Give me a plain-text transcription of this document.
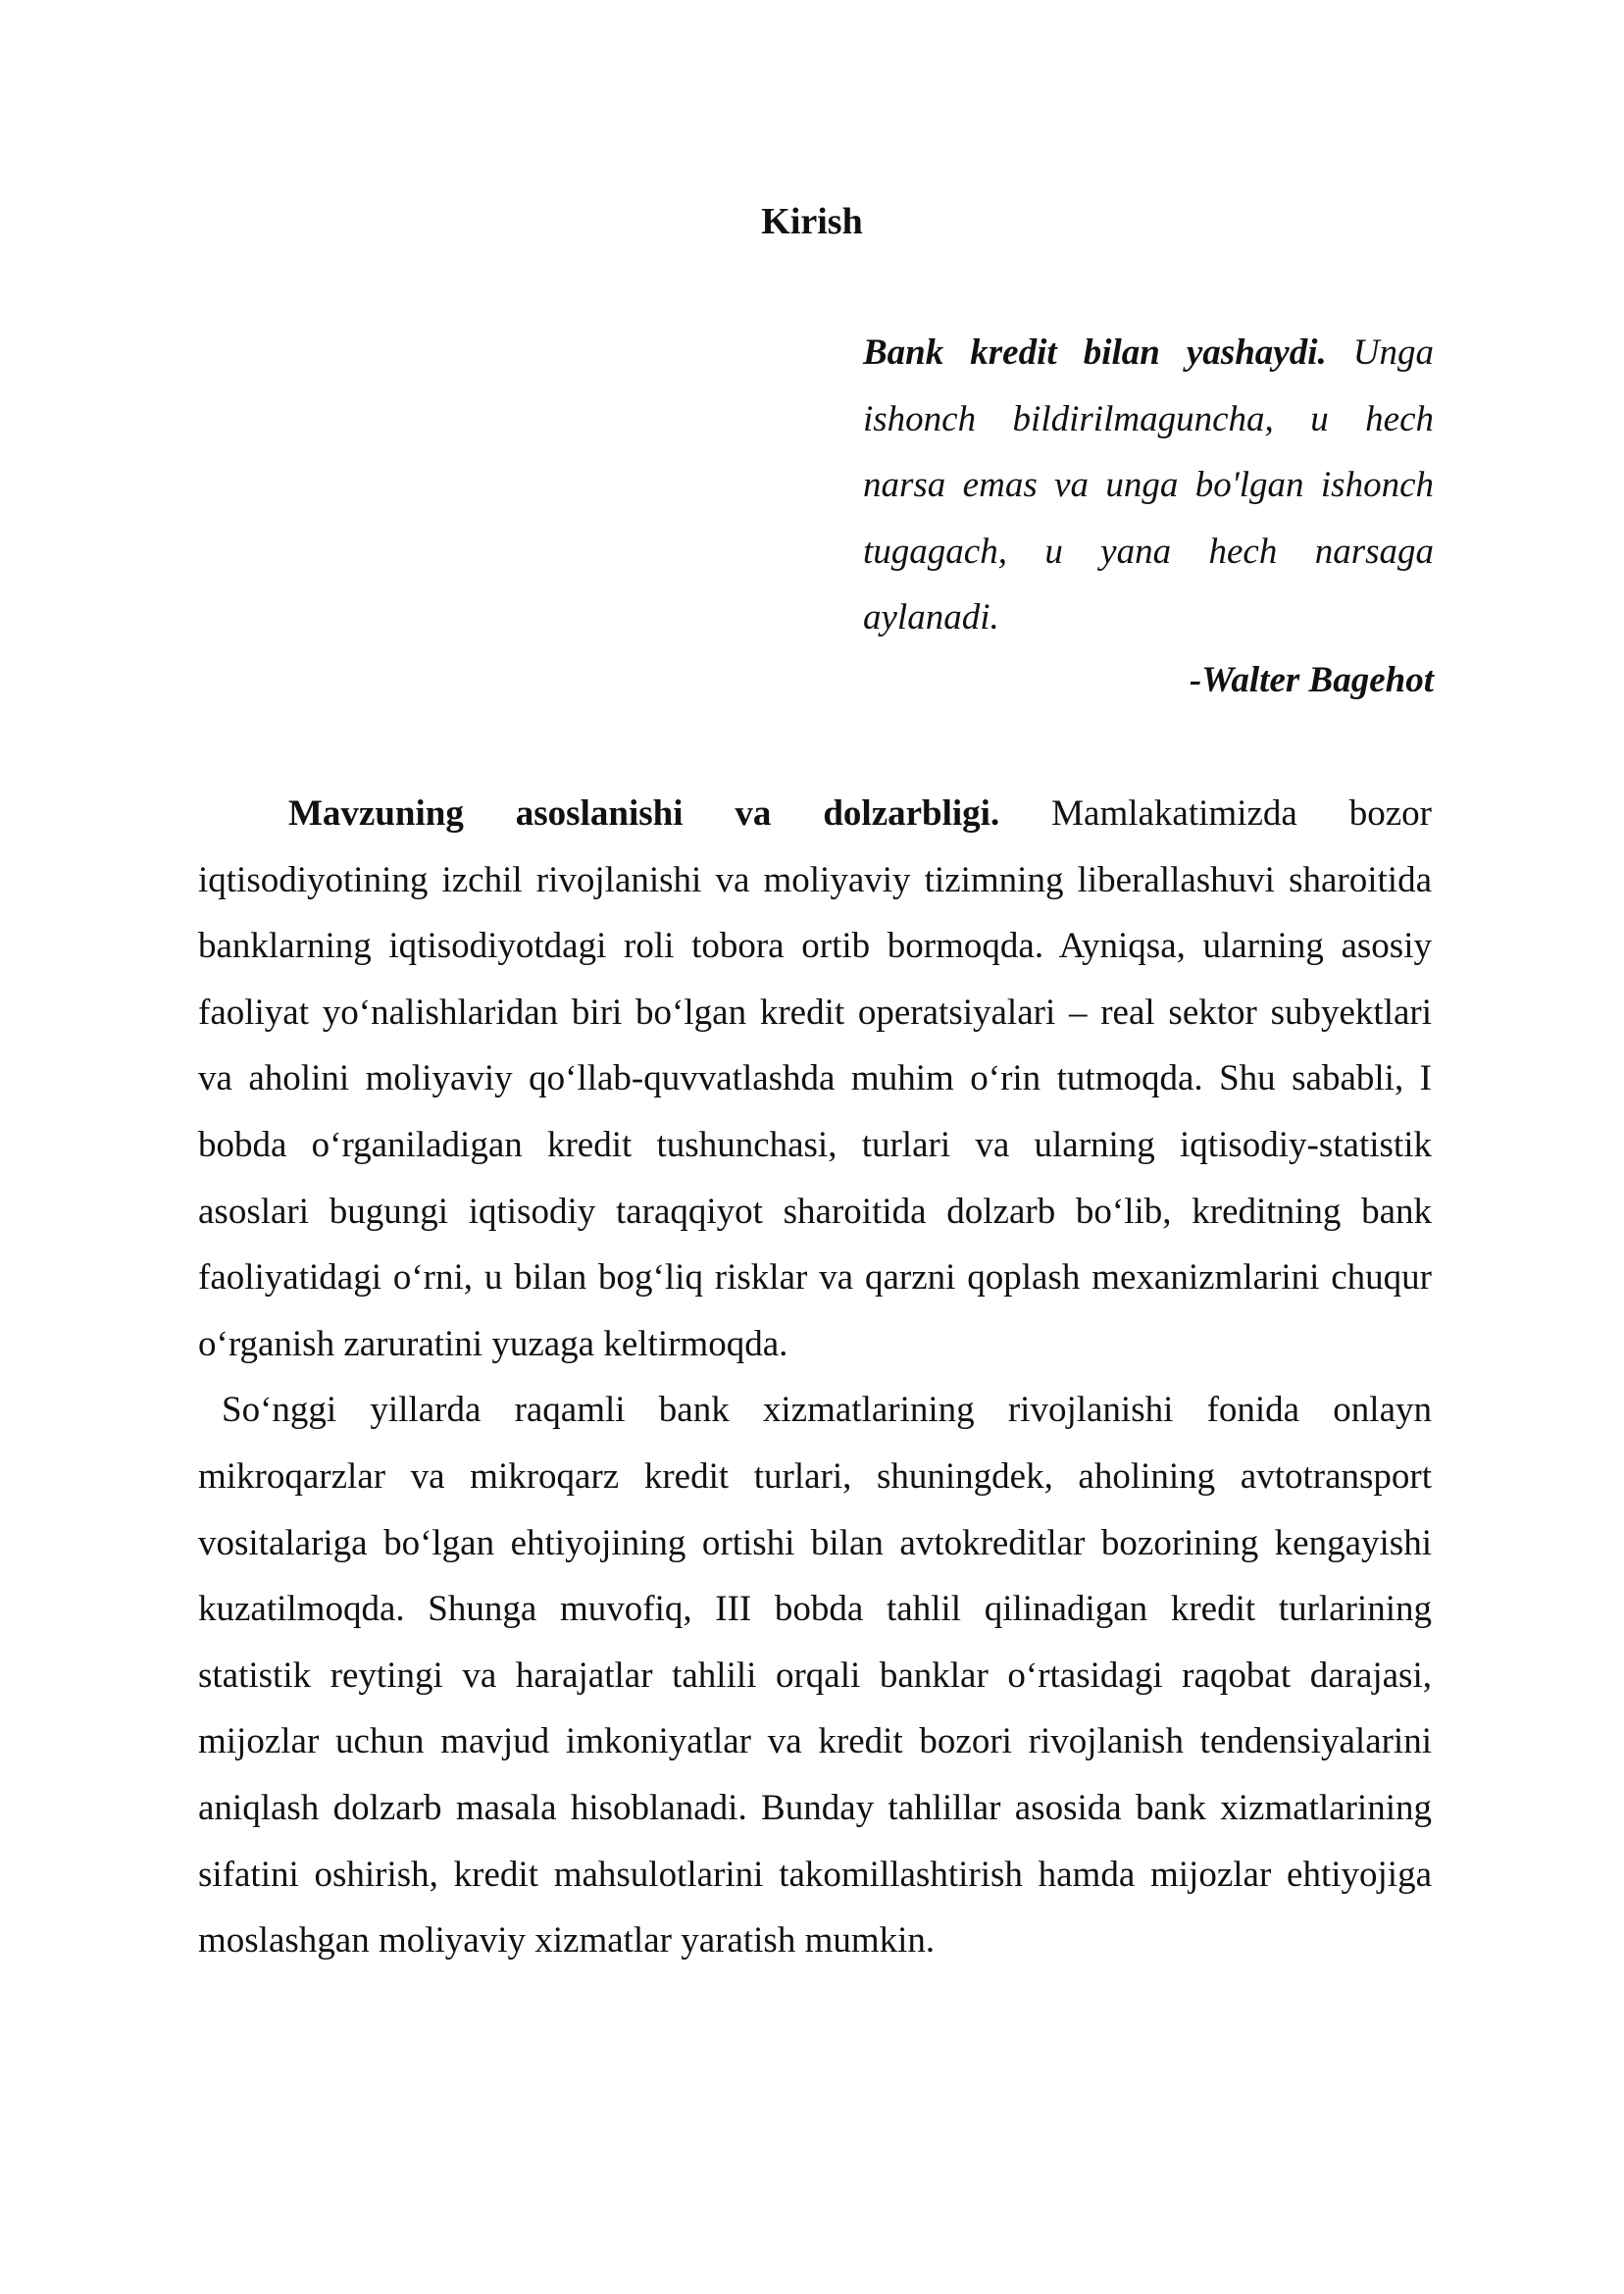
Kirish

Bank kredit bilan yashaydi. Unga ishonch bildirilmaguncha, u hech narsa emas va unga bo'lgan ishonch tugagach, u yana hech narsaga aylanadi.

-Walter Bagehot

Mavzuning asoslanishi va dolzarbligi. Mamlakatimizda bozor iqtisodiyotining izchil rivojlanishi va moliyaviy tizimning liberallashuvi sharoitida banklarning iqtisodiyotdagi roli tobora ortib bormoqda. Ayniqsa, ularning asosiy faoliyat yo‘nalishlaridan biri bo‘lgan kredit operatsiyalari – real sektor subyektlari va aholini moliyaviy qo‘llab-quvvatlashda muhim o‘rin tutmoqda. Shu sababli, I bobda o‘rganiladigan kredit tushunchasi, turlari va ularning iqtisodiy-statistik asoslari bugungi iqtisodiy taraqqiyot sharoitida dolzarb bo‘lib, kreditning bank faoliyatidagi o‘rni, u bilan bog‘liq risklar va qarzni qoplash mexanizmlarini chuqur o‘rganish zaruratini yuzaga keltirmoqda.

So‘nggi yillarda raqamli bank xizmatlarining rivojlanishi fonida onlayn mikroqarzlar va mikroqarz kredit turlari, shuningdek, aholining avtotransport vositalariga bo‘lgan ehtiyojining ortishi bilan avtokreditlar bozorining kengayishi kuzatilmoqda. Shunga muvofiq, III bobda tahlil qilinadigan kredit turlarining statistik reytingi va harajatlar tahlili orqali banklar o‘rtasidagi raqobat darajasi, mijozlar uchun mavjud imkoniyatlar va kredit bozori rivojlanish tendensiyalarini aniqlash dolzarb masala hisoblanadi. Bunday tahlillar asosida bank xizmatlarining sifatini oshirish, kredit mahsulotlarini takomillashtirish hamda mijozlar ehtiyojiga moslashgan moliyaviy xizmatlar yaratish mumkin.
